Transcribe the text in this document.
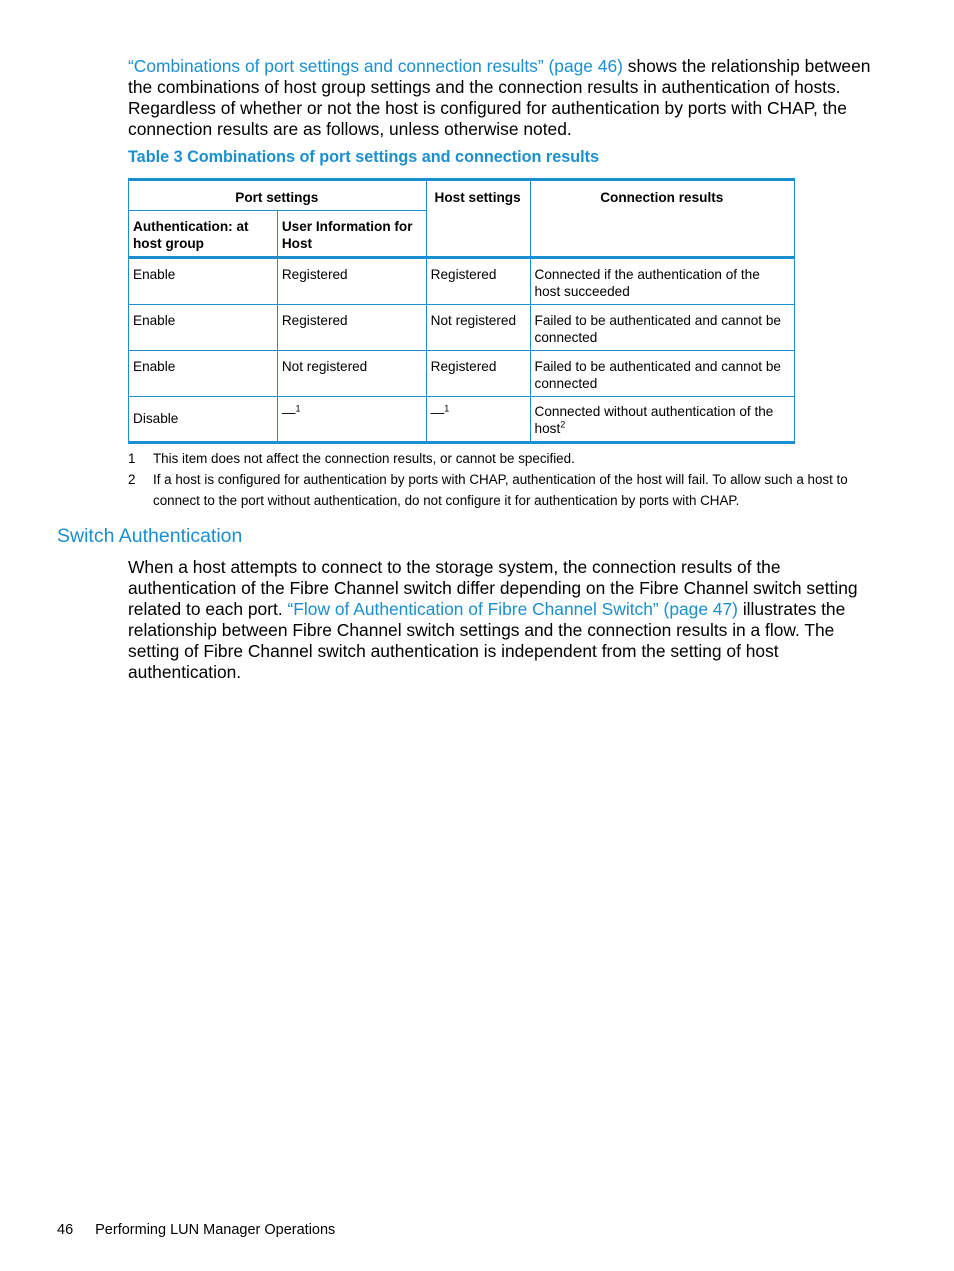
“Combinations of port settings and connection results” (page 46) shows the relationship between the combinations of host group settings and the connection results in authentication of hosts. Regardless of whether or not the host is configured for authentication by ports with CHAP, the connection results are as follows, unless otherwise noted.

Table 3 Combinations of port settings and connection results

Port settings		Host settings	Connection results
Authentication: at host group	User Information for Host		
Enable	Registered	Registered	Connected if the authentication of the host succeeded
Enable	Registered	Not registered	Failed to be authenticated and cannot be connected
Enable	Not registered	Registered	Failed to be authenticated and cannot be connected
Disable	—$^1$	—$^1$	Connected without authentication of the host$^2$
1 This item does not affect the connection results, or cannot be specified.
2 If a host is configured for authentication by ports with CHAP, authentication of the host will fail. To allow such a host to connect to the port without authentication, do not configure it for authentication by ports with CHAP.
Switch Authentication

When a host attempts to connect to the storage system, the connection results of the authentication of the Fibre Channel switch differ depending on the Fibre Channel switch setting related to each port. “Flow of Authentication of Fibre Channel Switch” (page 47) illustrates the relationship between Fibre Channel switch settings and the connection results in a flow. The setting of Fibre Channel switch authentication is independent from the setting of host authentication.

46 Performing LUN Manager Operations
